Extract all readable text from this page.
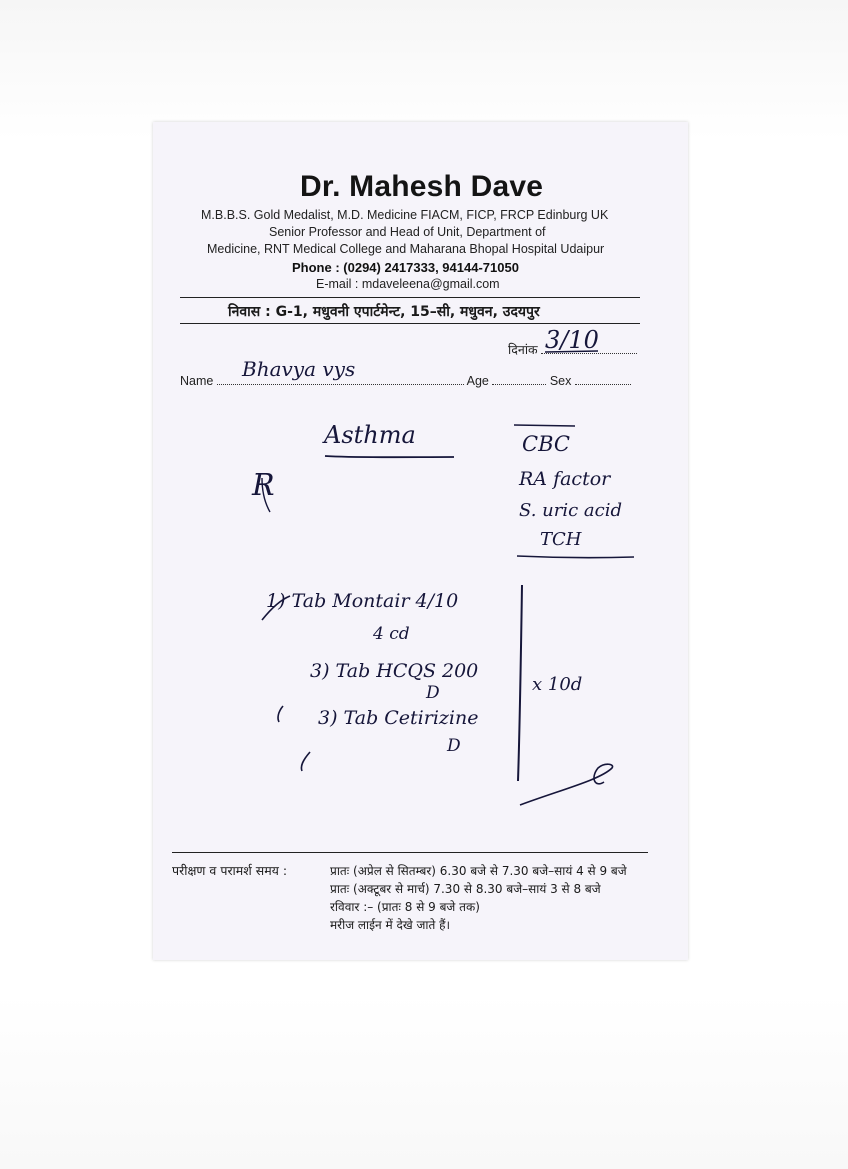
Dr. Mahesh Dave
M.B.B.S. Gold Medalist, M.D. Medicine FIACM, FICP, FRCP Edinburg UK
Senior Professor and Head of Unit, Department of
Medicine, RNT Medical College and Maharana Bhopal Hospital Udaipur
Phone : (0294) 2417333, 94144-71050
E-mail : mdaveleena@gmail.com
निवास : G-1, मधुवनी एपार्टमेन्ट, 15–सी, मधुवन, उदयपुर
दिनांक
Name	Age	Sex
3/10
Bhavya vys
Asthma
R
CBC
RA factor
S. uric acid
TCH
1) Tab Montair 4/10
4 cd
3) Tab HCQS 200
D
3) Tab Cetirizine
D
x 10d
परीक्षण व परामर्श समय :	प्रातः (अप्रेल से सितम्बर) 6.30 बजे से 7.30 बजे–सायं 4 से 9 बजे
प्रातः (अक्टूबर से मार्च) 7.30 से 8.30 बजे–सायं 3 से 8 बजे
रविवार :– (प्रातः 8 से 9 बजे तक)
मरीज लाईन में देखे जाते हैं।
